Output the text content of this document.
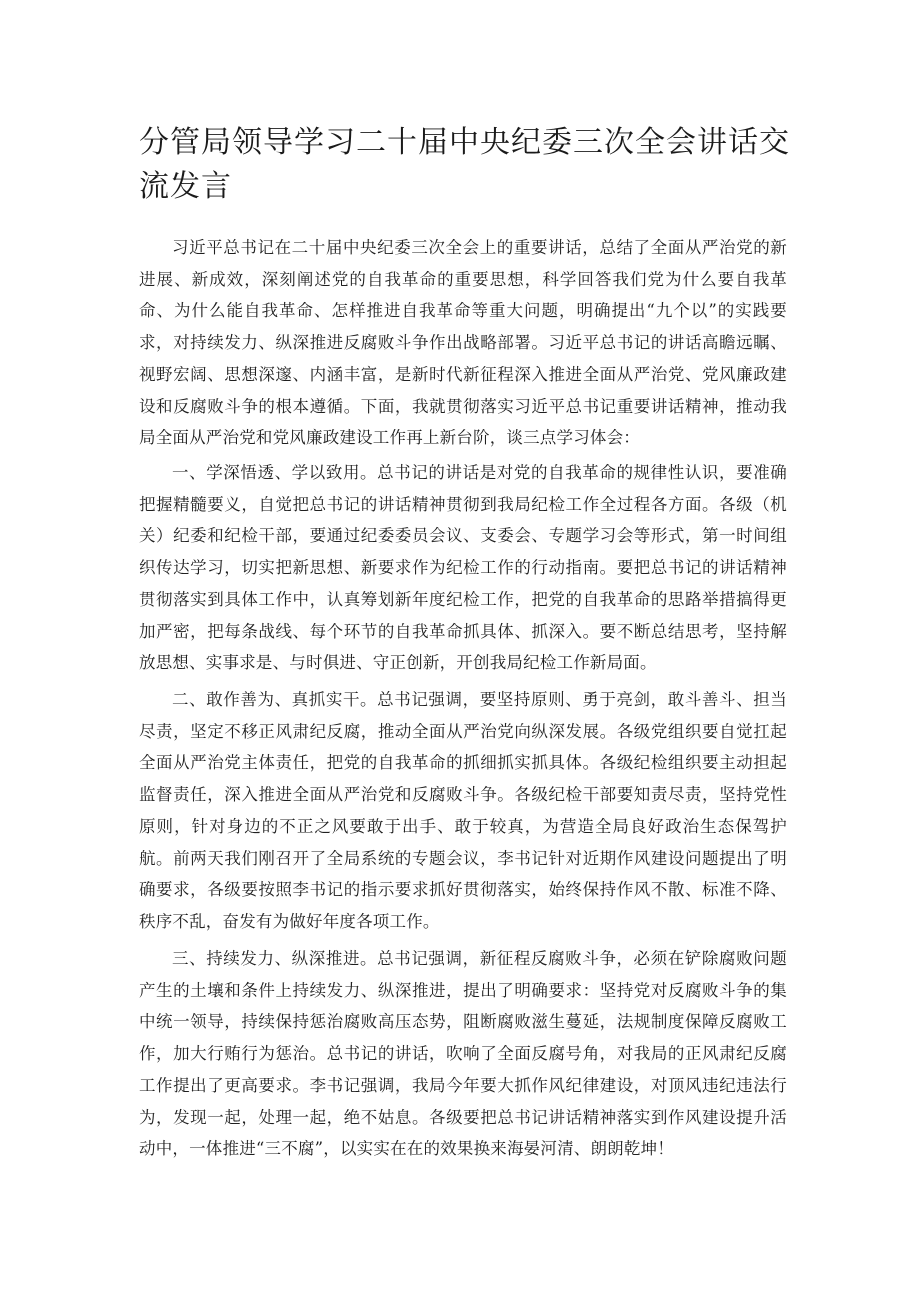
分管局领导学习二十届中央纪委三次全会讲话交流发言

习近平总书记在二十届中央纪委三次全会上的重要讲话，总结了全面从严治党的新进展、新成效，深刻阐述党的自我革命的重要思想，科学回答我们党为什么要自我革命、为什么能自我革命、怎样推进自我革命等重大问题，明确提出“九个以”的实践要求，对持续发力、纵深推进反腐败斗争作出战略部署。习近平总书记的讲话高瞻远瞩、视野宏阔、思想深邃、内涵丰富，是新时代新征程深入推进全面从严治党、党风廉政建设和反腐败斗争的根本遵循。下面，我就贯彻落实习近平总书记重要讲话精神，推动我局全面从严治党和党风廉政建设工作再上新台阶，谈三点学习体会：

一、学深悟透、学以致用。总书记的讲话是对党的自我革命的规律性认识，要准确把握精髓要义，自觉把总书记的讲话精神贯彻到我局纪检工作全过程各方面。各级（机关）纪委和纪检干部，要通过纪委委员会议、支委会、专题学习会等形式，第一时间组织传达学习，切实把新思想、新要求作为纪检工作的行动指南。要把总书记的讲话精神贯彻落实到具体工作中，认真筹划新年度纪检工作，把党的自我革命的思路举措搞得更加严密，把每条战线、每个环节的自我革命抓具体、抓深入。要不断总结思考，坚持解放思想、实事求是、与时俱进、守正创新，开创我局纪检工作新局面。

二、敢作善为、真抓实干。总书记强调，要坚持原则、勇于亮剑，敢斗善斗、担当尽责，坚定不移正风肃纪反腐，推动全面从严治党向纵深发展。各级党组织要自觉扛起全面从严治党主体责任，把党的自我革命的抓细抓实抓具体。各级纪检组织要主动担起监督责任，深入推进全面从严治党和反腐败斗争。各级纪检干部要知责尽责，坚持党性原则，针对身边的不正之风要敢于出手、敢于较真，为营造全局良好政治生态保驾护航。前两天我们刚召开了全局系统的专题会议，李书记针对近期作风建设问题提出了明确要求，各级要按照李书记的指示要求抓好贯彻落实，始终保持作风不散、标准不降、秩序不乱，奋发有为做好年度各项工作。

三、持续发力、纵深推进。总书记强调，新征程反腐败斗争，必须在铲除腐败问题产生的土壤和条件上持续发力、纵深推进，提出了明确要求：坚持党对反腐败斗争的集中统一领导，持续保持惩治腐败高压态势，阻断腐败滋生蔓延，法规制度保障反腐败工作，加大行贿行为惩治。总书记的讲话，吹响了全面反腐号角，对我局的正风肃纪反腐工作提出了更高要求。李书记强调，我局今年要大抓作风纪律建设，对顶风违纪违法行为，发现一起，处理一起，绝不姑息。各级要把总书记讲话精神落实到作风建设提升活动中，一体推进“三不腐”，以实实在在的效果换来海晏河清、朗朗乾坤！
